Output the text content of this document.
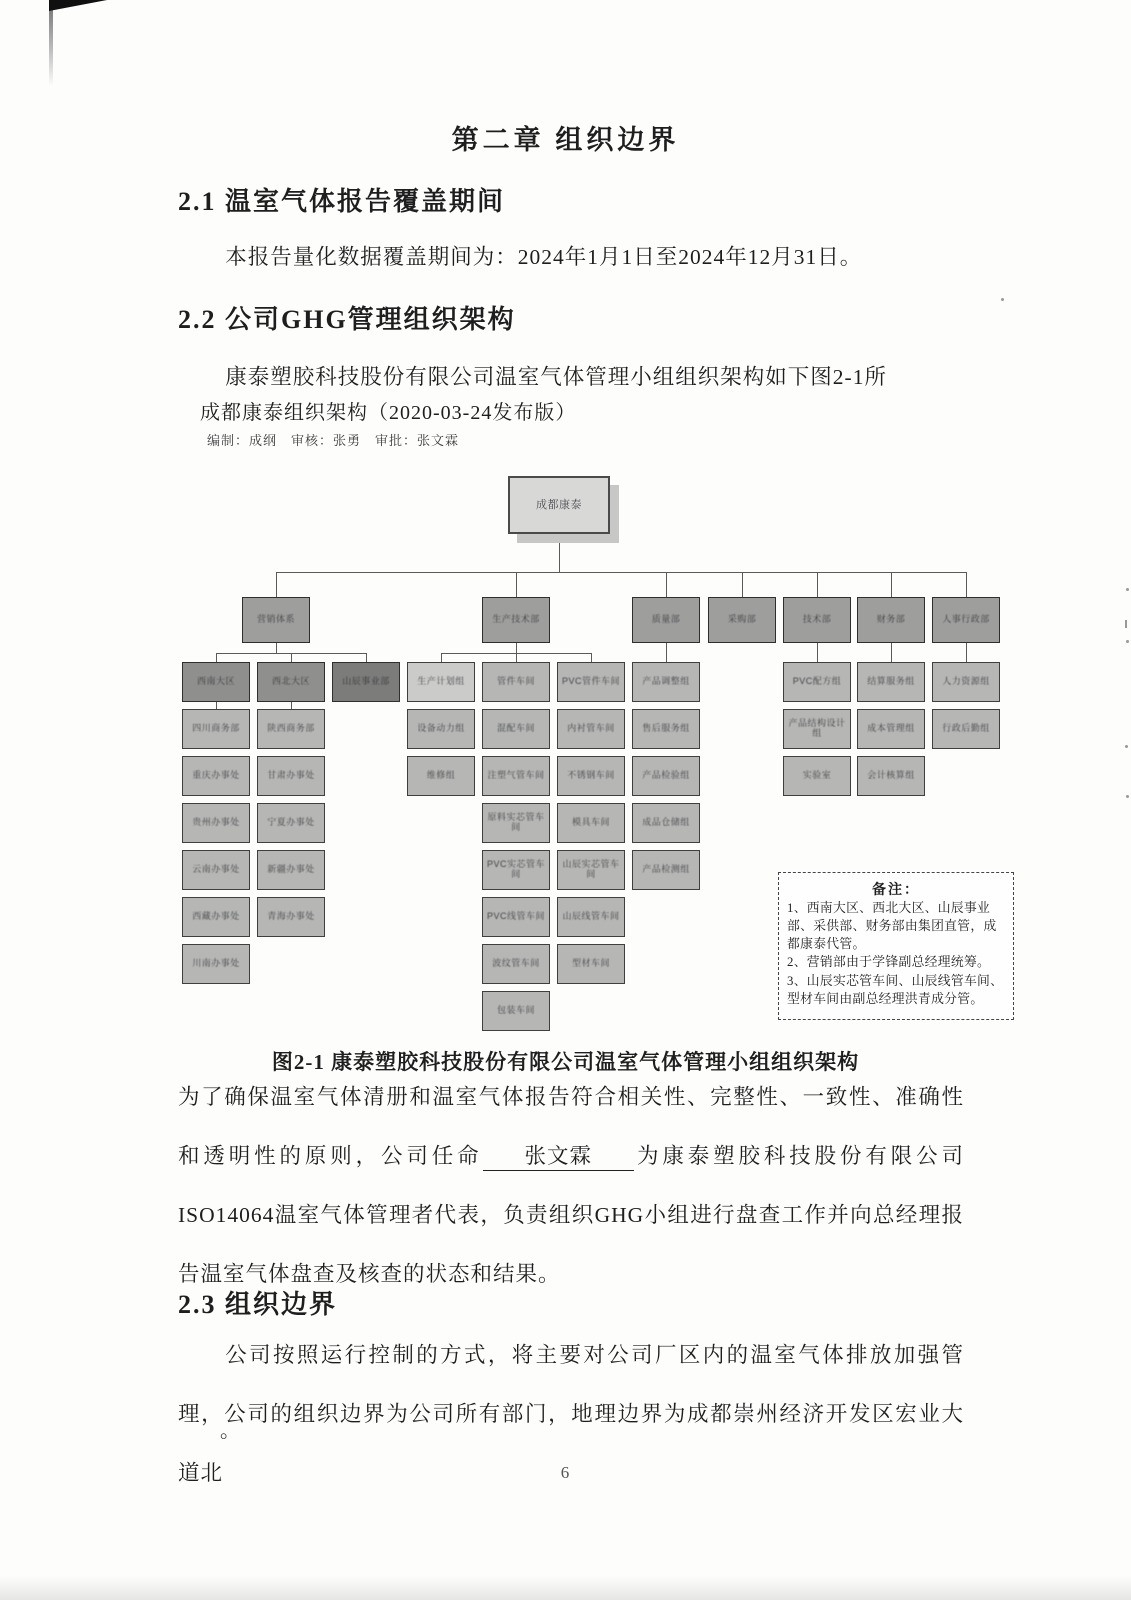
第二章 组织边界
2.1 温室气体报告覆盖期间
本报告量化数据覆盖期间为：2024年1月1日至2024年12月31日。
2.2 公司GHG管理组织架构
康泰塑胶科技股份有限公司温室气体管理小组组织架构如下图2-1所
成都康泰组织架构（2020-03-24发布版）
编制：成纲　审核：张勇　审批：张文霖
备注：
1、西南大区、西北大区、山辰事业部、采供部、财务部由集团直管，成都康泰代管。
2、营销部由于学锋副总经理统筹。
3、山辰实芯管车间、山辰线管车间、型材车间由副总经理洪青成分管。
成都康泰
营销体系	生产技术部	质量部	采购部	技术部	财务部	人事行政部
西南大区	西北大区	山辰事业部	生产计划组	管件车间	PVC管件车间 产品调整组	PVC配方组	结算服务组	人力资源组
四川商务部
重庆办事处
贵州办事处
云南办事处
西藏办事处
川南办事处
陕西商务部
甘肃办事处
宁夏办事处
新疆办事处
青海办事处
设备动力组
维修组
混配车间
注塑气管车间
原料实芯管车间
PVC实芯管车间
PVC线管车间
波纹管车间
包装车间
内衬管车间
不锈钢车间
模具车间
山辰实芯管车间
山辰线管车间
型材车间
售后服务组
产品检验组
成品仓储组
产品检测组
产品结构设计组
实验室
成本管理组
会计核算组
行政后勤组
图2-1 康泰塑胶科技股份有限公司温室气体管理小组组织架构
为了确保温室气体清册和温室气体报告符合相关性、完整性、一致性、准确性和透明性的原则，公司任命 张文霖 为康泰塑胶科技股份有限公司ISO14064温室气体管理者代表，负责组织GHG小组进行盘查工作并向总经理报告温室气体盘查及核查的状态和结果。
2.3 组织边界
公司按照运行控制的方式，将主要对公司厂区内的温室气体排放加强管理，公司的组织边界为公司所有部门，地理边界为成都崇州经济开发区宏业大道北
。
6
